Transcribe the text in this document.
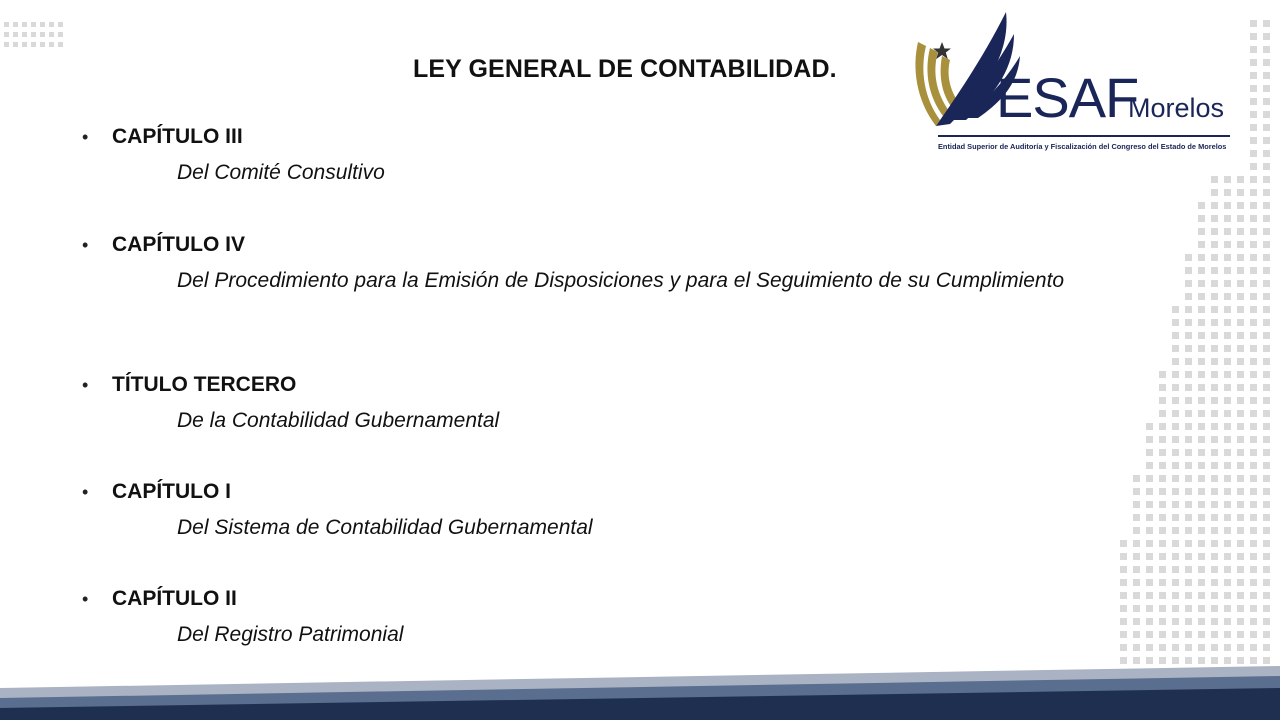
LEY GENERAL DE CONTABILIDAD.	ESAF
Morelos
Entidad Superior de Auditoría y Fiscalización del Congreso del Estado de Morelos
• CAPÍTULO III

Del Comité Consultivo

• CAPÍTULO IV

Del Procedimiento para la Emisión de Disposiciones y para el Seguimiento de su Cumplimiento

• TÍTULO TERCERO

De la Contabilidad Gubernamental

• CAPÍTULO I

Del Sistema de Contabilidad Gubernamental

• CAPÍTULO II

Del Registro Patrimonial
